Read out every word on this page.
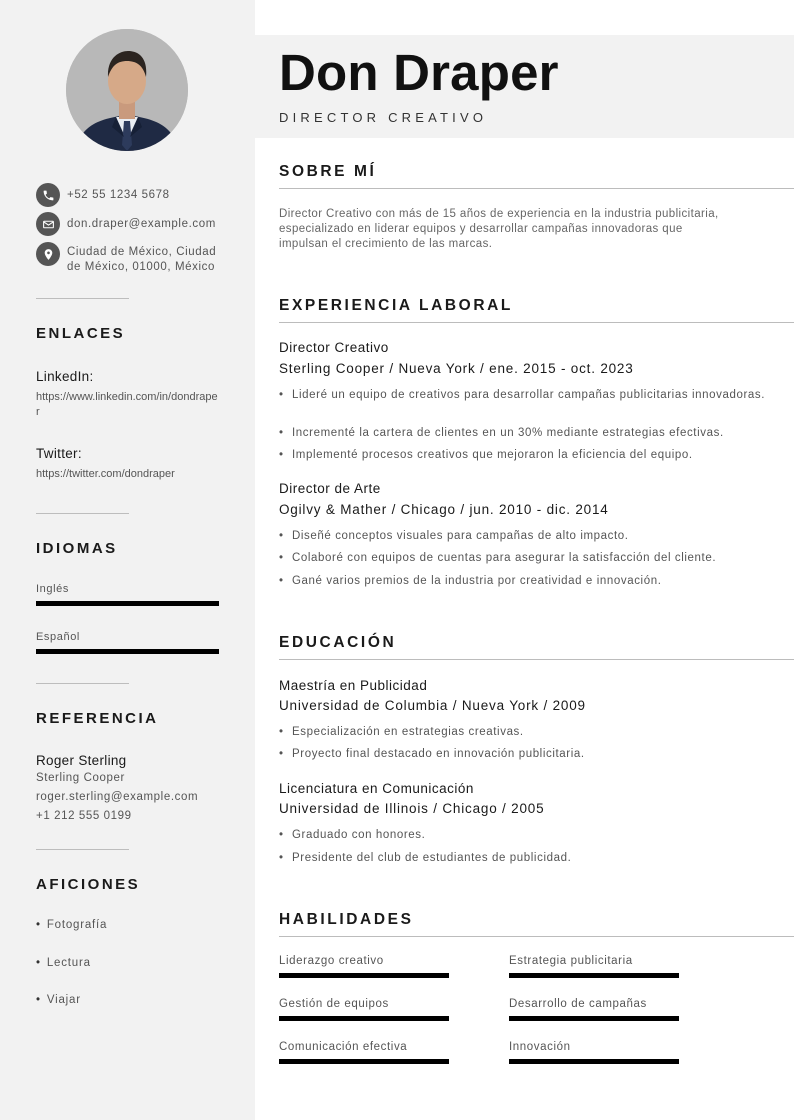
+52 55 1234 5678
don.draper@example.com
Ciudad de México, Ciudad
de México, 01000, México
ENLACES
LinkedIn:
https://www.linkedin.com/in/dondraper
Twitter:
https://twitter.com/dondraper
IDIOMAS
Inglés
Español
REFERENCIA
Roger Sterling
Sterling Cooper
roger.sterling@example.com
+1 212 555 0199
AFICIONES
• Fotografía
• Lectura
• Viajar
Don Draper
DIRECTOR CREATIVO
SOBRE MÍ
Director Creativo con más de 15 años de experiencia en la industria publicitaria, especializado en liderar equipos y desarrollar campañas innovadoras que impulsan el crecimiento de las marcas.
EXPERIENCIA LABORAL
Director Creativo
Sterling Cooper / Nueva York / ene. 2015 - oct. 2023
• Lideré un equipo de creativos para desarrollar campañas publicitarias innovadoras.
• Incrementé la cartera de clientes en un 30% mediante estrategias efectivas.
• Implementé procesos creativos que mejoraron la eficiencia del equipo.
Director de Arte
Ogilvy & Mather / Chicago / jun. 2010 - dic. 2014
• Diseñé conceptos visuales para campañas de alto impacto.
• Colaboré con equipos de cuentas para asegurar la satisfacción del cliente.
• Gané varios premios de la industria por creatividad e innovación.
EDUCACIÓN
Maestría en Publicidad
Universidad de Columbia / Nueva York / 2009
• Especialización en estrategias creativas.
• Proyecto final destacado en innovación publicitaria.
Licenciatura en Comunicación
Universidad de Illinois / Chicago / 2005
• Graduado con honores.
• Presidente del club de estudiantes de publicidad.
HABILIDADES
Liderazgo creativo	Estrategia publicitaria
Gestión de equipos	Desarrollo de campañas
Comunicación efectiva	Innovación
